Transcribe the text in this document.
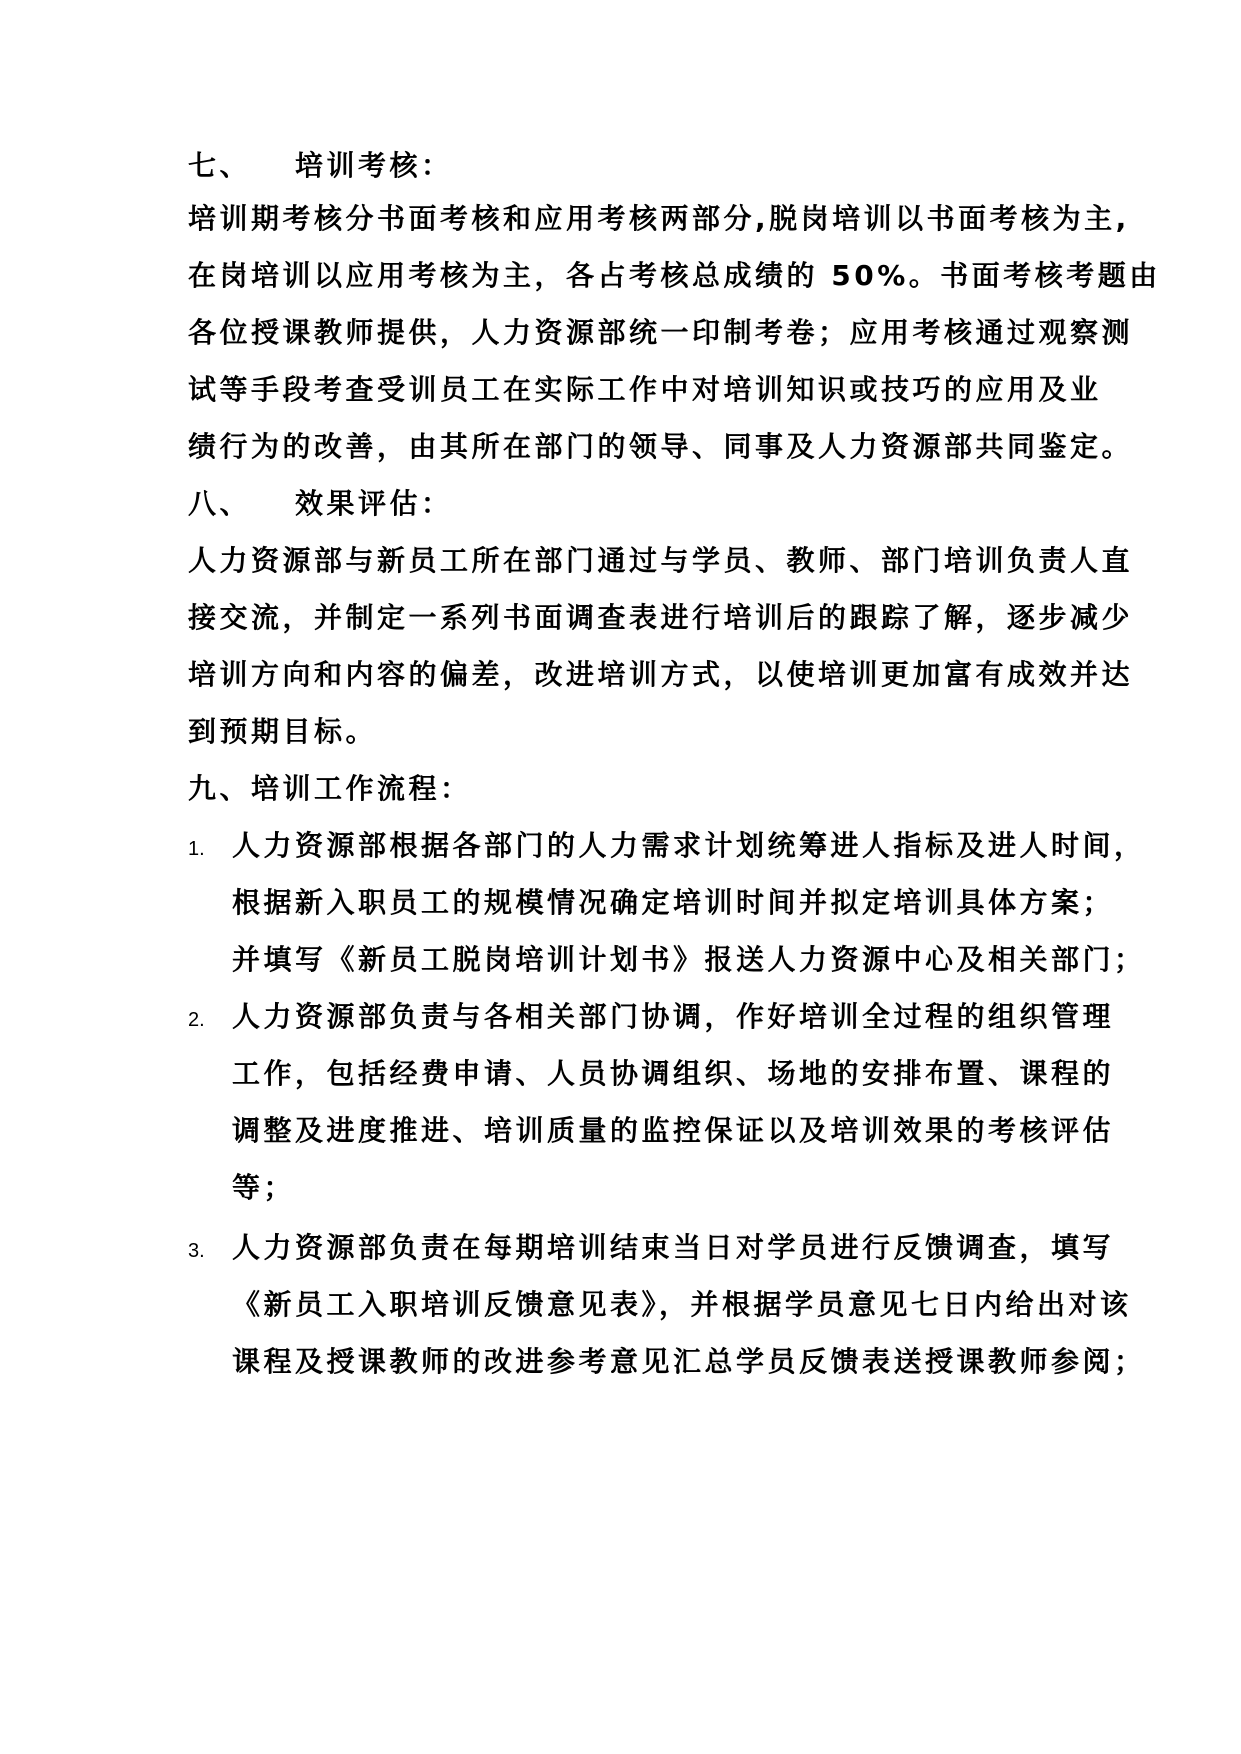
七、 培训考核：
培训期考核分书面考核和应用考核两部分,脱岗培训以书面考核为主,
在岗培训以应用考核为主，各占考核总成绩的 50%。书面考核考题由
各位授课教师提供，人力资源部统一印制考卷；应用考核通过观察测
试等手段考查受训员工在实际工作中对培训知识或技巧的应用及业
绩行为的改善，由其所在部门的领导、同事及人力资源部共同鉴定。
八、 效果评估：
人力资源部与新员工所在部门通过与学员、教师、部门培训负责人直
接交流，并制定一系列书面调查表进行培训后的跟踪了解，逐步减少
培训方向和内容的偏差，改进培训方式，以使培训更加富有成效并达
到预期目标。
九、培训工作流程：
1. 人力资源部根据各部门的人力需求计划统筹进人指标及进人时间，
根据新入职员工的规模情况确定培训时间并拟定培训具体方案；
并填写《新员工脱岗培训计划书》报送人力资源中心及相关部门；
2. 人力资源部负责与各相关部门协调，作好培训全过程的组织管理
工作，包括经费申请、人员协调组织、场地的安排布置、课程的
调整及进度推进、培训质量的监控保证以及培训效果的考核评估
等；
3. 人力资源部负责在每期培训结束当日对学员进行反馈调查，填写
《新员工入职培训反馈意见表》，并根据学员意见七日内给出对该
课程及授课教师的改进参考意见汇总学员反馈表送授课教师参阅；
